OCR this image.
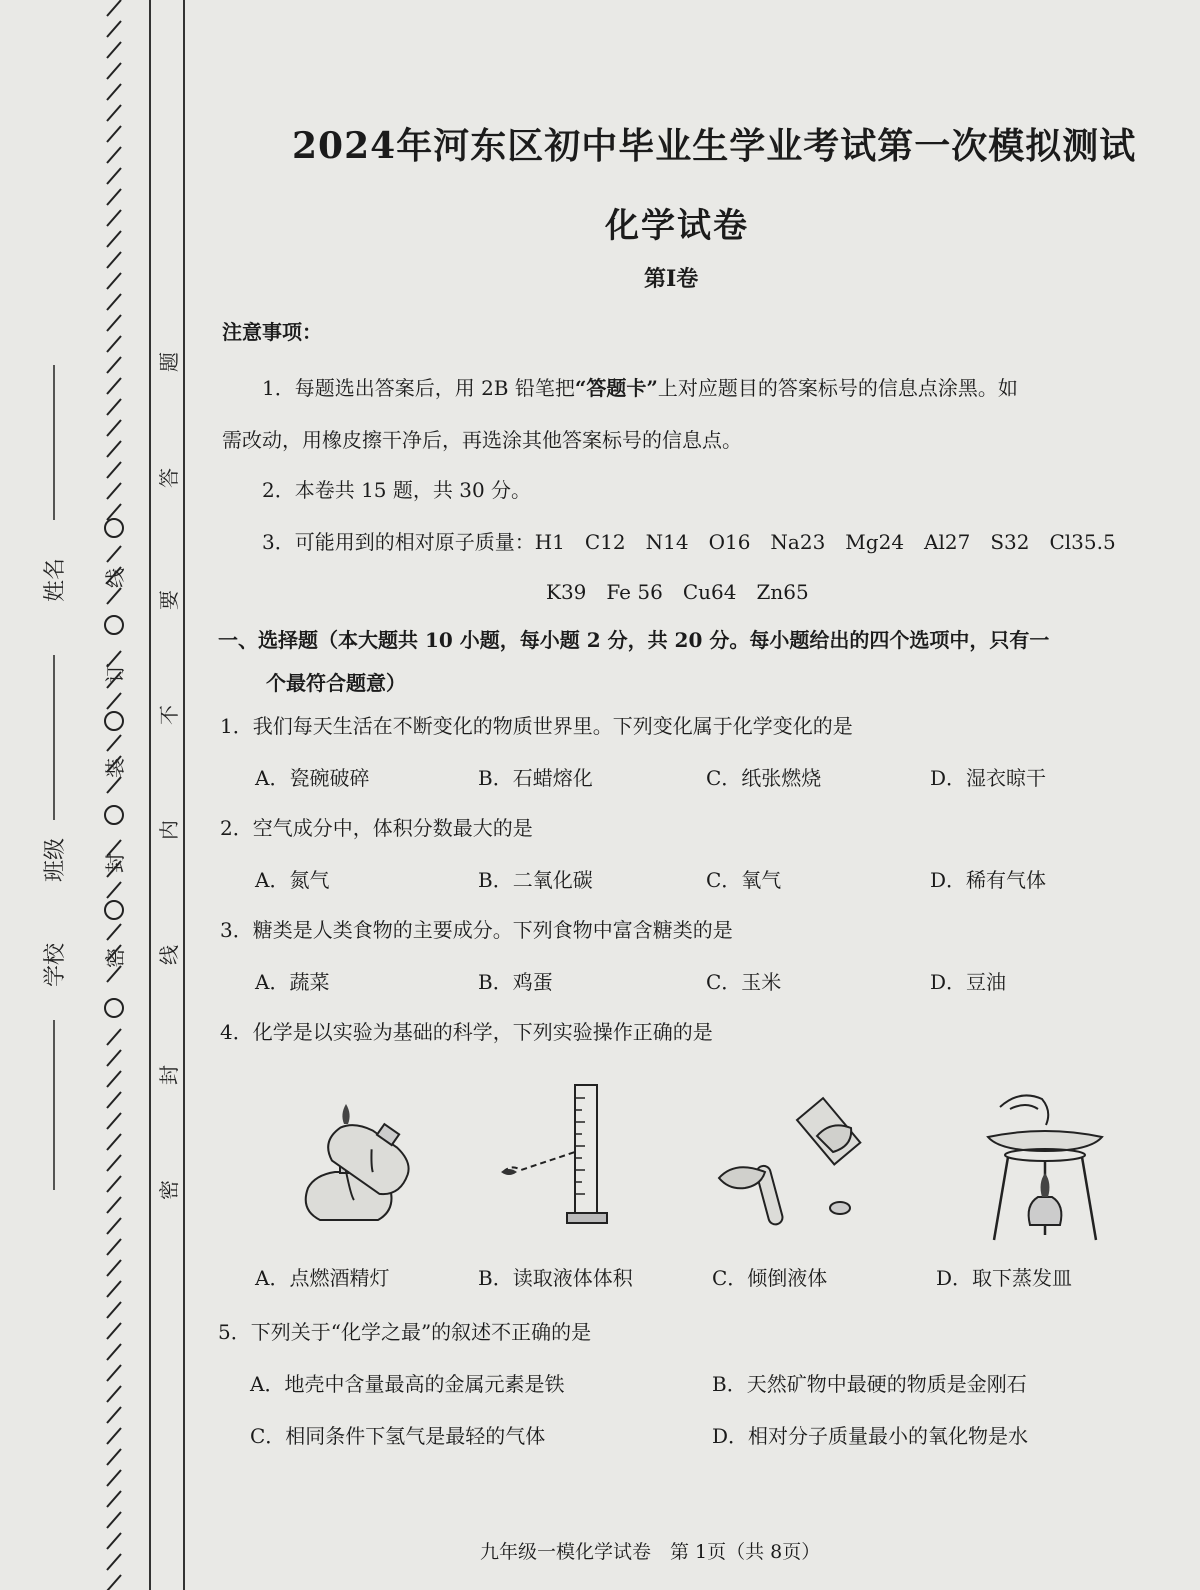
线
订
装
封
密
题
答
要
不
内
线
封
密
姓名
班级
学校
2024年河东区初中毕业生学业考试第一次模拟测试
化学试卷
第Ⅰ卷
注意事项：
1．每题选出答案后，用 2B 铅笔把“答题卡”上对应题目的答案标号的信息点涂黑。如
需改动，用橡皮擦干净后，再选涂其他答案标号的信息点。
2．本卷共 15 题，共 30 分。
3．可能用到的相对原子质量：H1　C12　N14　O16　Na23　Mg24　Al27　S32　Cl35.5
K39　Fe 56　Cu64　Zn65
一、选择题（本大题共 10 小题，每小题 2 分，共 20 分。每小题给出的四个选项中，只有一
个最符合题意）
1．我们每天生活在不断变化的物质世界里。下列变化属于化学变化的是
A．瓷碗破碎	B．石蜡熔化	C．纸张燃烧	D．湿衣晾干
2．空气成分中，体积分数最大的是
A．氮气	B．二氧化碳	C．氧气	D．稀有气体
3．糖类是人类食物的主要成分。下列食物中富含糖类的是
A．蔬菜	B．鸡蛋	C．玉米	D．豆油
4．化学是以实验为基础的科学，下列实验操作正确的是
A．点燃酒精灯	B．读取液体体积	C．倾倒液体	D．取下蒸发皿
5．下列关于“化学之最”的叙述不正确的是
A．地壳中含量最高的金属元素是铁	B．天然矿物中最硬的物质是金刚石
C．相同条件下氢气是最轻的气体	D．相对分子质量最小的氧化物是水
九年级一模化学试卷　第 1页（共 8页）
